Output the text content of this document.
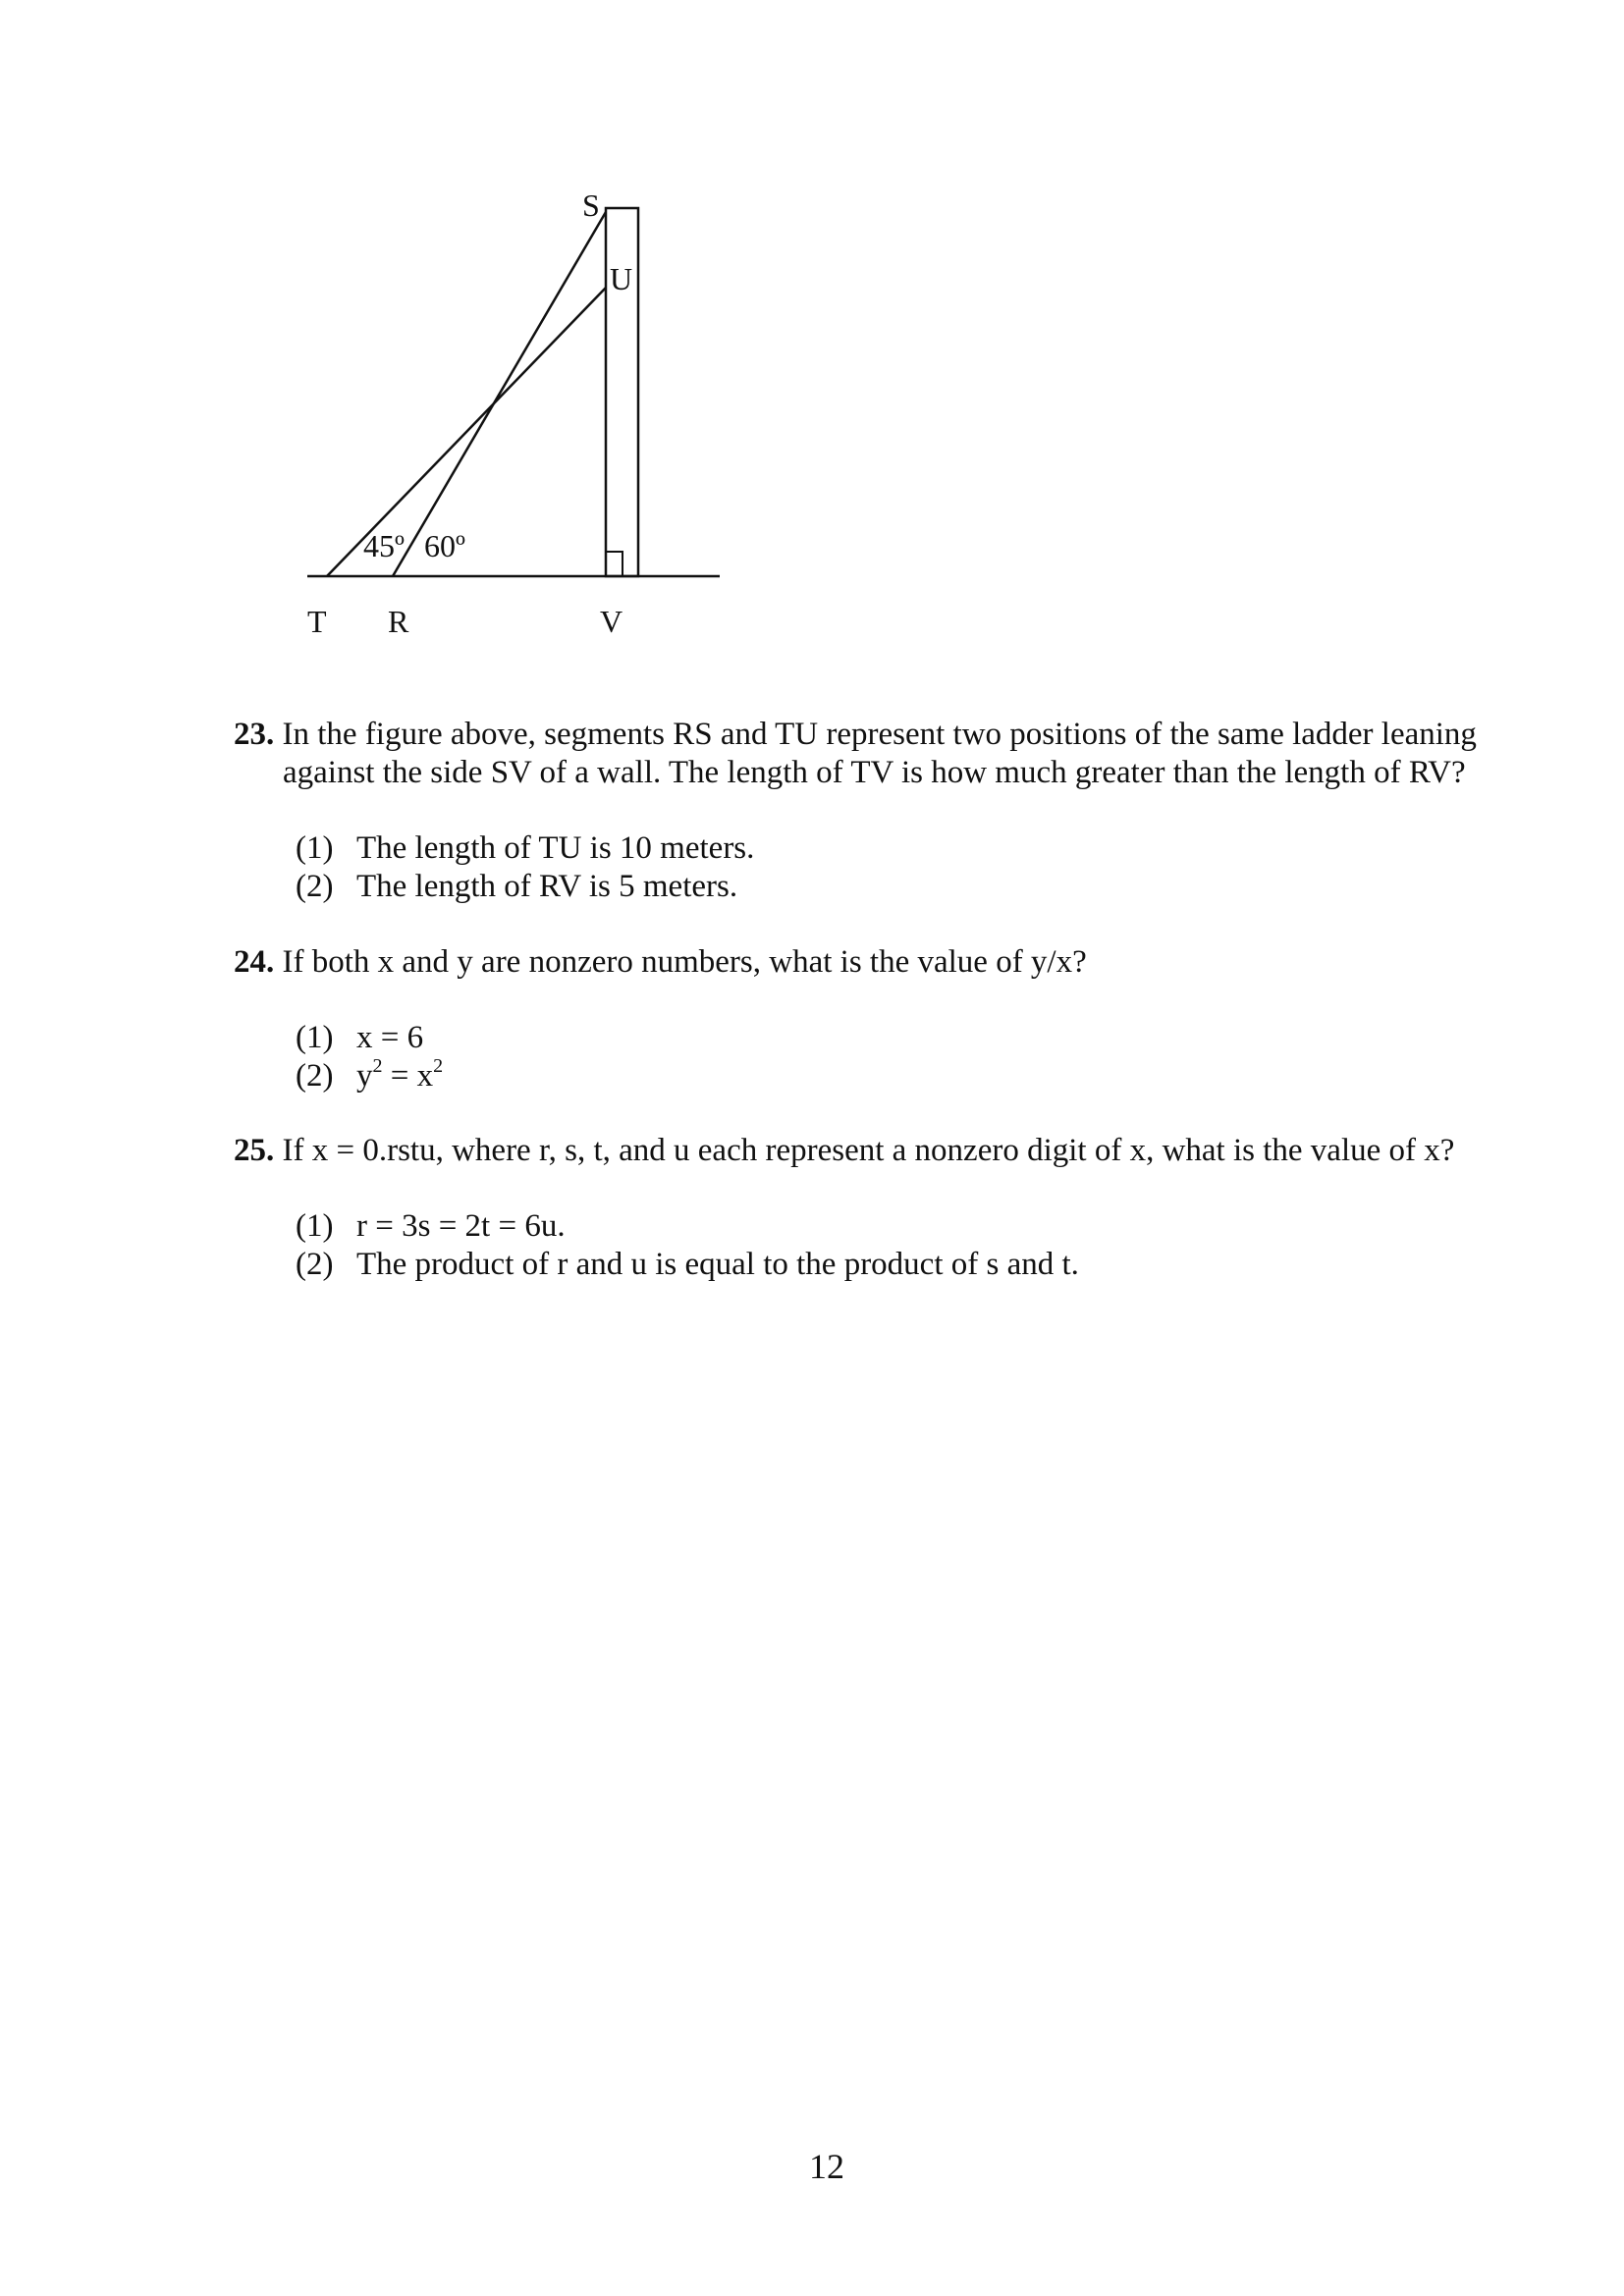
S
U
T R	V
45º 60º
23. In the figure above, segments RS and TU represent two positions of the same ladder leaning
against the side SV of a wall. The length of TV is how much greater than the length of RV?
(1) The length of TU is 10 meters.
(2) The length of RV is 5 meters.
24. If both x and y are nonzero numbers, what is the value of y/x?
(1) x = 6
(2) $y^2 = x^2$
25. If x = 0.rstu, where r, s, t, and u each represent a nonzero digit of x, what is the value of x?
(1) r = 3s = 2t = 6u.
(2) The product of r and u is equal to the product of s and t.
12
